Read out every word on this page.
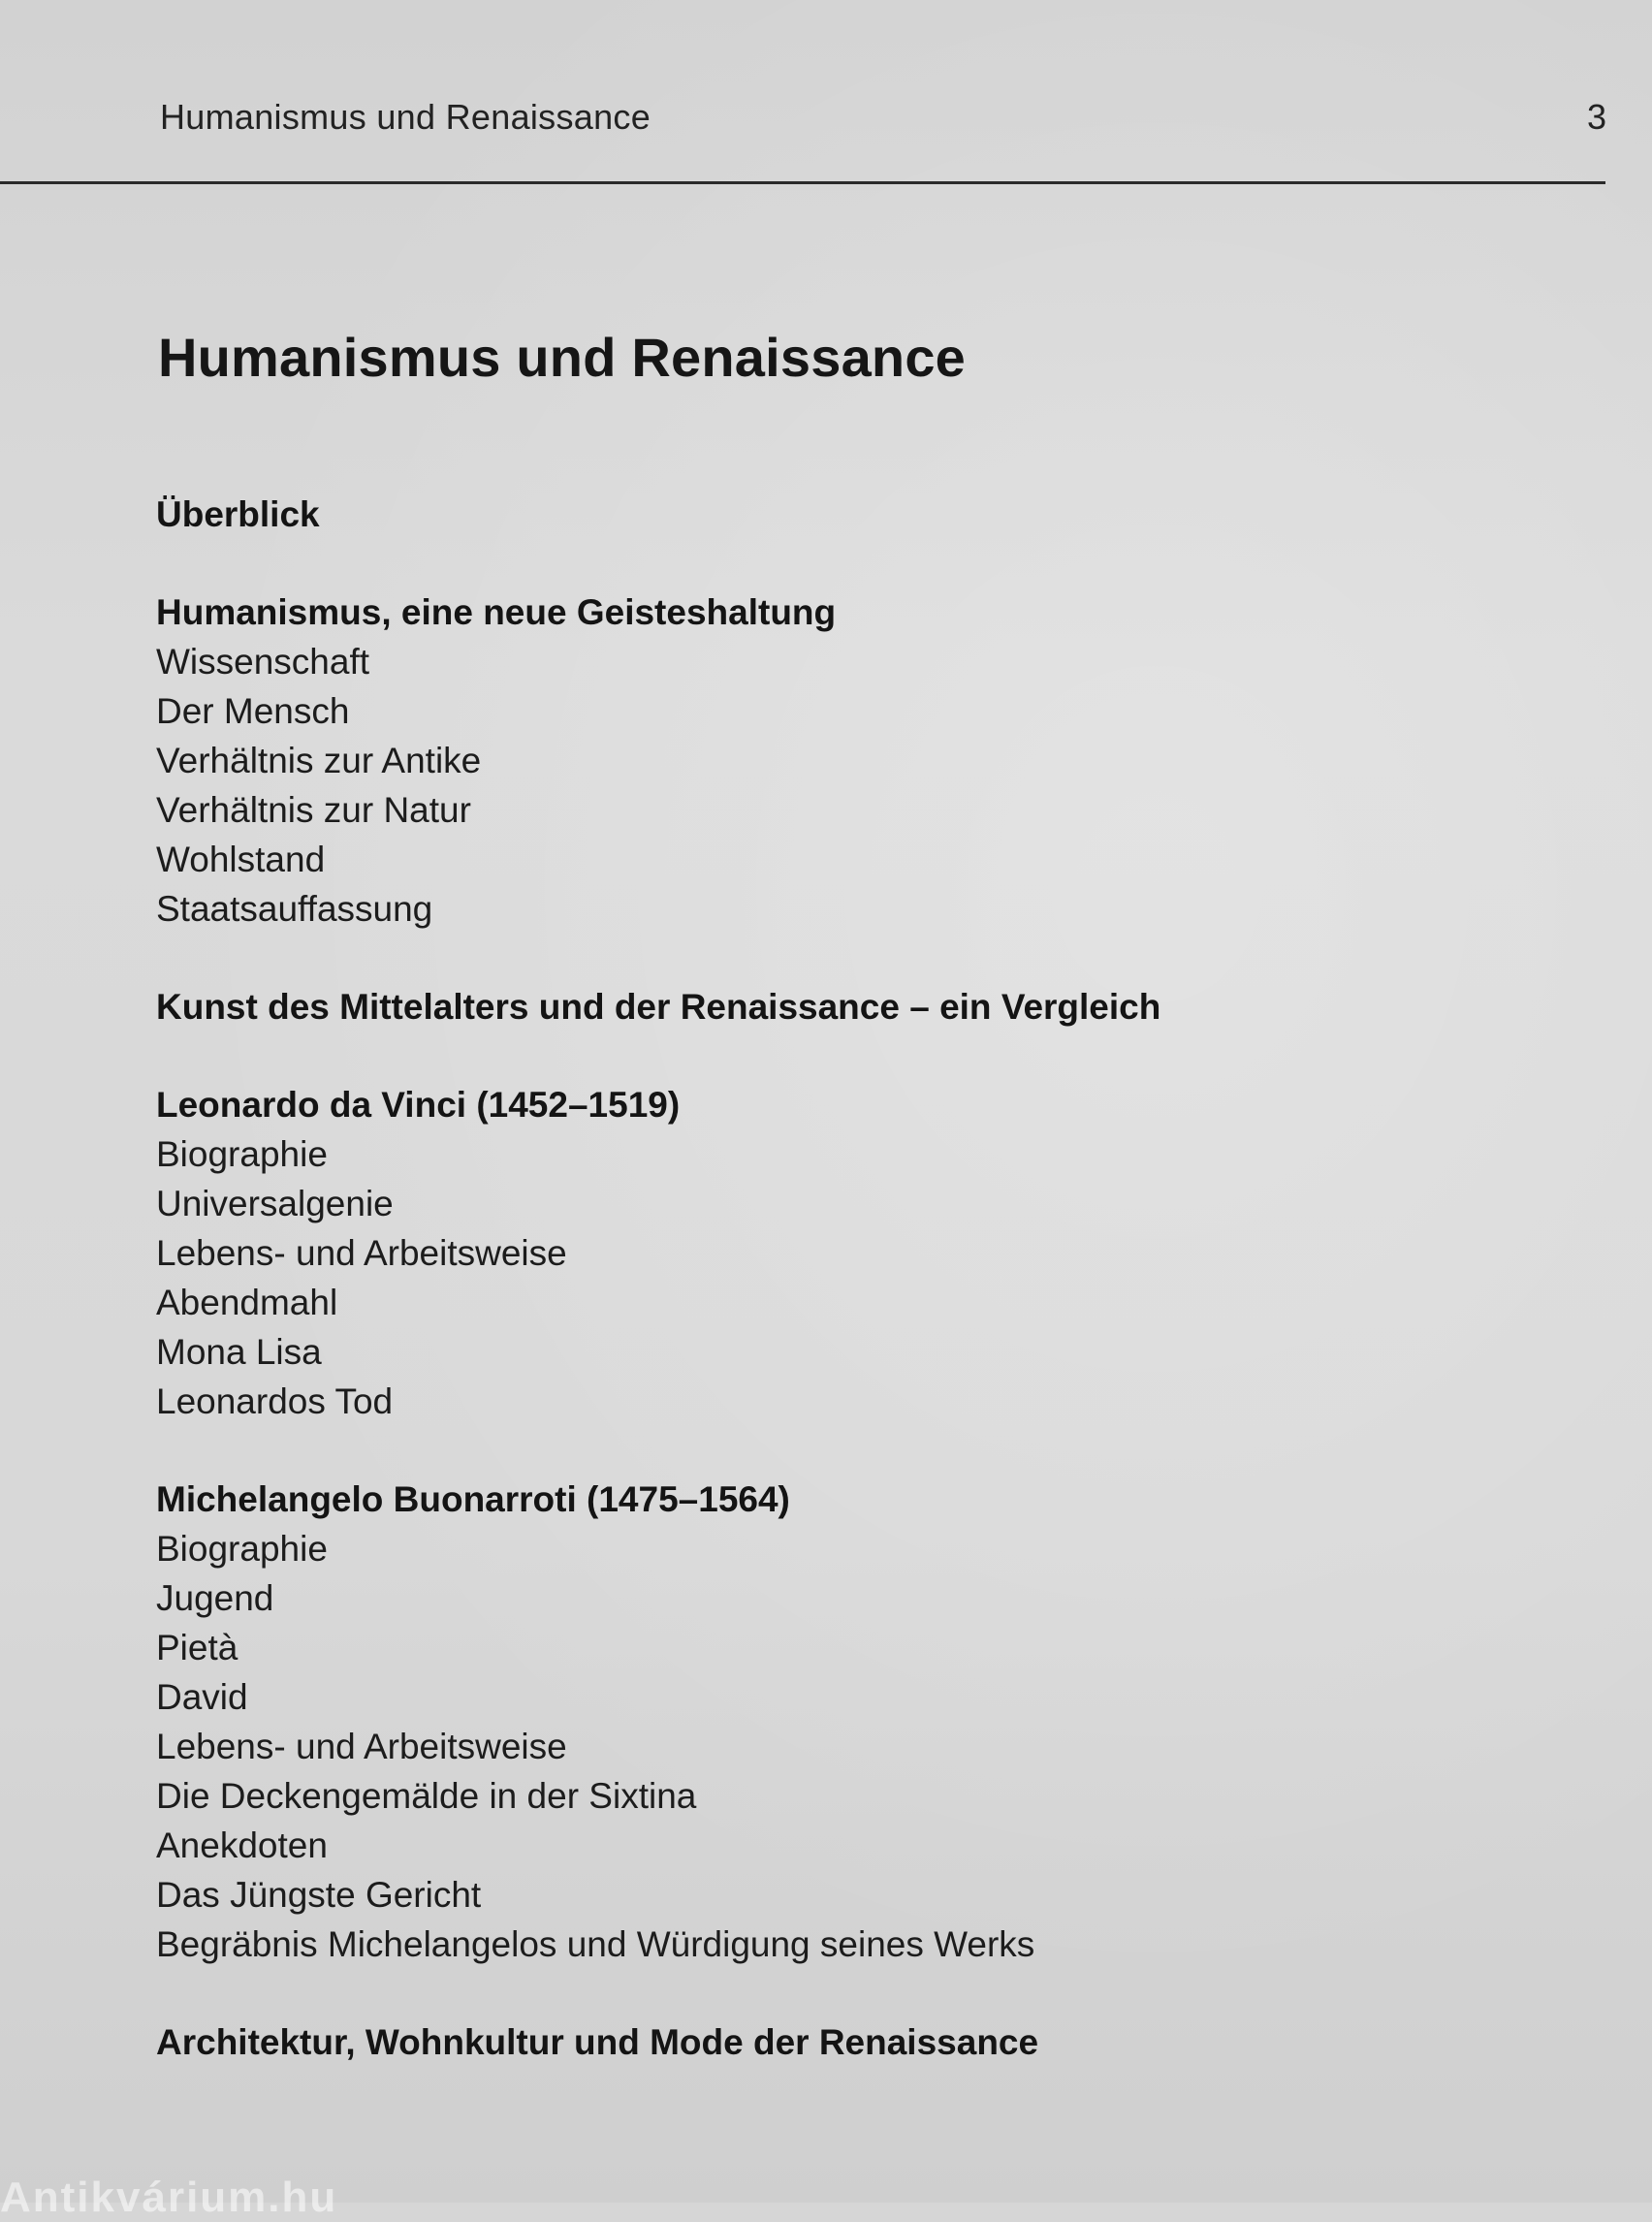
Humanismus und Renaissance	3
Humanismus und Renaissance
Überblick
Humanismus, eine neue Geisteshaltung
Wissenschaft
Der Mensch
Verhältnis zur Antike
Verhältnis zur Natur
Wohlstand
Staatsauffassung
Kunst des Mittelalters und der Renaissance – ein Vergleich
Leonardo da Vinci (1452–1519)
Biographie
Universalgenie
Lebens- und Arbeitsweise
Abendmahl
Mona Lisa
Leonardos Tod
Michelangelo Buonarroti (1475–1564)
Biographie
Jugend
Pietà
David
Lebens- und Arbeitsweise
Die Deckengemälde in der Sixtina
Anekdoten
Das Jüngste Gericht
Begräbnis Michelangelos und Würdigung seines Werks
Architektur, Wohnkultur und Mode der Renaissance
Antikvárium.hu
